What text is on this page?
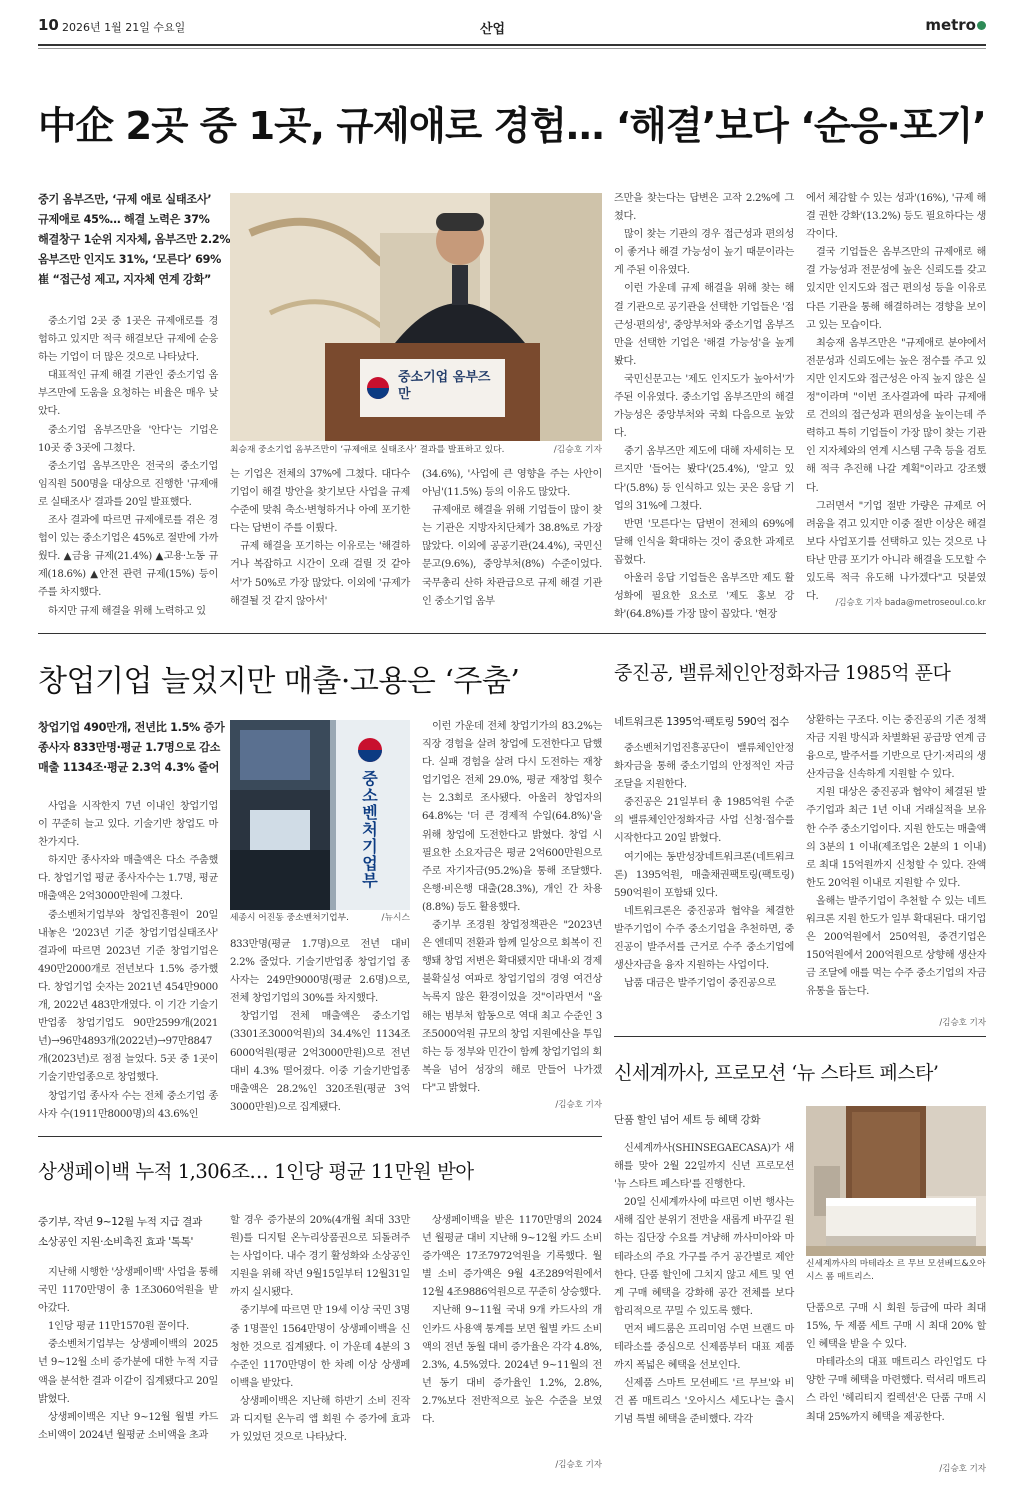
10 2026년 1월 21일 수요일	산업	metro
中企 2곳 중 1곳, 규제애로 경험… ‘해결’보다 ‘순응·포기’
중기 옴부즈만, ‘규제 애로 실태조사’
규제애로 45%… 해결 노력은 37%
해결창구 1순위 지자체, 옴부즈만 2.2%
옴부즈만 인지도 31%, ‘모른다’ 69%
崔 “접근성 제고, 지자체 연계 강화”

중소기업 2곳 중 1곳은 규제애로를 경험하고 있지만 적극 해결보단 규제에 순응하는 기업이 더 많은 것으로 나타났다.

대표적인 규제 해결 기관인 중소기업 옴부즈만에 도움을 요청하는 비율은 매우 낮았다.

중소기업 옴부즈만을 '안다'는 기업은 10곳 중 3곳에 그쳤다.

중소기업 옴부즈만은 전국의 중소기업 임직원 500명을 대상으로 진행한 '규제애로 실태조사' 결과를 20일 발표했다.

조사 결과에 따르면 규제애로를 겪은 경험이 있는 중소기업은 45%로 절반에 가까웠다. ▲금융 규제(21.4%) ▲고용·노동 규제(18.6%) ▲안전 관련 규제(15%) 등이 주를 차지했다.

하지만 규제 해결을 위해 노력하고 있

중소기업 옴부즈만
최승재 중소기업 옴부즈만이 ‘규제애로 실태조사’ 결과를 발표하고 있다.	/김승호 기자

는 기업은 전체의 37%에 그쳤다. 대다수 기업이 해결 방안을 찾기보단 사업을 규제수준에 맞춰 축소·변형하거나 아예 포기한다는 답변이 주를 이뤘다.

규제 해결을 포기하는 이유로는 '해결하거나 복잡하고 시간이 오래 걸릴 것 같아서'가 50%로 가장 많았다. 이외에 '규제가 해결될 것 같지 않아서'

(34.6%), '사업에 큰 영향을 주는 사안이 아님'(11.5%) 등의 이유도 많았다.

규제애로 해결을 위해 기업들이 많이 찾는 기관은 지방자치단체가 38.8%로 가장 많았다. 이외에 공공기관(24.4%), 국민신문고(9.6%), 중앙부처(8%) 수준이었다. 국무총리 산하 차관급으로 규제 해결 기관인 중소기업 옴부

즈만을 찾는다는 답변은 고작 2.2%에 그쳤다.

많이 찾는 기관의 경우 접근성과 편의성이 좋거나 해결 가능성이 높기 때문이라는게 주된 이유였다.

이런 가운데 규제 해결을 위해 찾는 해결 기관으로 공기관을 선택한 기업들은 '접근성·편의성', 중앙부처와 중소기업 옴부즈만을 선택한 기업은 '해결 가능성'을 높게 봤다.

국민신문고는 '제도 인지도가 높아서'가 주된 이유였다. 중소기업 옴부즈만의 해결 가능성은 중앙부처와 국회 다음으로 높았다.

중기 옴부즈만 제도에 대해 자세히는 모르지만 '들어는 봤다'(25.4%), '알고 있다'(5.8%) 등 인식하고 있는 곳은 응답 기업의 31%에 그쳤다.

반면 '모른다'는 답변이 전체의 69%에 달해 인식을 확대하는 것이 중요한 과제로 꼽혔다.

아울러 응답 기업들은 옴부즈만 제도 활성화에 필요한 요소로 '제도 홍보 강화'(64.8%)를 가장 많이 꼽았다. '현장

에서 체감할 수 있는 성과'(16%), '규제 해결 권한 강화'(13.2%) 등도 필요하다는 생각이다.

결국 기업들은 옴부즈만의 규제애로 해결 가능성과 전문성에 높은 신뢰도를 갖고 있지만 인지도와 접근 편의성 등을 이유로 다른 기관을 통해 해결하려는 경향을 보이고 있는 모습이다.

최승재 옴부즈만은 "규제애로 분야에서 전문성과 신뢰도에는 높은 점수를 주고 있지만 인지도와 접근성은 아직 높지 않은 실정"이라며 "이번 조사결과에 따라 규제애로 건의의 접근성과 편의성을 높이는데 주력하고 특히 기업들이 가장 많이 찾는 기관인 지자체와의 연계 시스템 구축 등을 검토해 적극 추진해 나갈 계획"이라고 강조했다.

그러면서 "기업 절반 가량은 규제로 어려움을 겪고 있지만 이중 절반 이상은 해결보다 사업포기를 선택하고 있는 것으로 나타난 만큼 포기가 아니라 해결을 도모할 수 있도록 적극 유도해 나가겠다"고 덧붙였다.

/김승호 기자 bada@metroseoul.co.kr
창업기업 늘었지만 매출·고용은 ‘주춤’
창업기업 490만개, 전년比 1.5% 증가
종사자 833만명·평균 1.7명으로 감소
매출 1134조·평균 2.3억 4.3% 줄어

사업을 시작한지 7년 이내인 창업기업이 꾸준히 늘고 있다. 기술기반 창업도 마찬가지다.

하지만 종사자와 매출액은 다소 주춤했다. 창업기업 평균 종사자수는 1.7명, 평균 매출액은 2억3000만원에 그쳤다.

중소벤처기업부와 창업진흥원이 20일 내놓은 '2023년 기준 창업기업실태조사' 결과에 따르면 2023년 기준 창업기업은 490만2000개로 전년보다 1.5% 증가했다. 창업기업 숫자는 2021년 454만9000개, 2022년 483만개였다. 이 기간 기술기반업종 창업기업도 90만2599개(2021년)→96만4893개(2022년)→97만8847개(2023년)로 점점 늘었다. 5곳 중 1곳이 기술기반업종으로 창업했다.

창업기업 종사자 수는 전체 중소기업 종사자 수(1911만8000명)의 43.6%인

중소벤처기업부
세종시 어진동 중소벤처기업부.	/뉴시스

833만명(평균 1.7명)으로 전년 대비 2.2% 줄었다. 기술기반업종 창업기업 종사자는 249만9000명(평균 2.6명)으로, 전체 창업기업의 30%를 차지했다.

창업기업 전체 매출액은 중소기업(3301조3000억원)의 34.4%인 1134조6000억원(평균 2억3000만원)으로 전년 대비 4.3% 떨어졌다. 이중 기술기반업종 매출액은 28.2%인 320조원(평균 3억3000만원)으로 집계됐다.

이런 가운데 전체 창업기가의 83.2%는 직장 경험을 살려 창업에 도전한다고 답했다. 실패 경험을 살려 다시 도전하는 재창업기업은 전체 29.0%, 평균 재창업 횟수는 2.3회로 조사됐다. 아울러 창업자의 64.8%는 '더 큰 경제적 수입(64.8%)'을 위해 창업에 도전한다고 밝혔다. 창업 시 필요한 소요자금은 평균 2억600만원으로 주로 자기자금(95.2%)을 통해 조달했다. 은행·비은행 대출(28.3%), 개인 간 차용(8.8%) 등도 활용했다.

중기부 조경원 창업정책관은 "2023년은 엔데믹 전환과 함께 일상으로 회복이 진행돼 창업 저변은 확대됐지만 대내·외 경제 불확실성 여파로 창업기업의 경영 여건상 녹록지 않은 환경이었을 것"이라면서 "올해는 범부처 합동으로 역대 최고 수준인 3조5000억원 규모의 창업 지원예산을 투입하는 등 정부와 민간이 함께 창업기업의 회복을 넘어 성장의 해로 만들어 나가겠다"고 밝혔다.

/김승호 기자
중진공, 밸류체인안정화자금 1985억 푼다
네트워크론 1395억·팩토링 590억 접수

중소벤처기업진흥공단이 밸류체인안정화자금을 통해 중소기업의 안정적인 자금조달을 지원한다.

중진공은 21일부터 총 1985억원 수준의 밸류체인안정화자금 사업 신청·접수를 시작한다고 20일 밝혔다.

여기에는 동반성장네트워크론(네트워크론) 1395억원, 매출채권팩토링(팩토링) 590억원이 포함돼 있다.

네트워크론은 중진공과 협약을 체결한 발주기업이 수주 중소기업을 추천하면, 중진공이 발주서를 근거로 수주 중소기업에 생산자금을 융자 지원하는 사업이다.

납품 대금은 발주기업이 중진공으로

상환하는 구조다. 이는 중진공의 기존 정책자금 지원 방식과 차별화된 공급망 연계 금융으로, 발주서를 기반으로 단기·저리의 생산자금을 신속하게 지원할 수 있다.

지원 대상은 중진공과 협약이 체결된 발주기업과 최근 1년 이내 거래실적을 보유한 수주 중소기업이다. 지원 한도는 매출액의 3분의 1 이내(제조업은 2분의 1 이내)로 최대 15억원까지 신청할 수 있다. 잔액 한도 20억원 이내로 지원할 수 있다.

올해는 발주기업이 추천할 수 있는 네트워크론 지원 한도가 일부 확대된다. 대기업은 200억원에서 250억원, 중견기업은 150억원에서 200억원으로 상향해 생산자금 조달에 애를 먹는 수주 중소기업의 자금 유통을 돕는다.

/김승호 기자
상생페이백 누적 1,306조… 1인당 평균 11만원 받아
중기부, 작년 9~12월 누적 지급 결과
소상공인 지원·소비촉진 효과 '톡톡'

지난해 시행한 '상생페이백' 사업을 통해 국민 1170만명이 총 1조3060억원을 받아갔다.

1인당 평균 11만1570원 꼴이다.

중소벤처기업부는 상생페이백의 2025년 9~12월 소비 증가분에 대한 누적 지급액을 분석한 결과 이같이 집계됐다고 20일 밝혔다.

상생페이백은 지난 9~12월 월별 카드 소비액이 2024년 월평균 소비액을 초과

할 경우 증가분의 20%(4개월 최대 33만원)를 디지털 온누리상품권으로 되돌려주는 사업이다. 내수 경기 활성화와 소상공인 지원을 위해 작년 9월15일부터 12월31일까지 실시됐다.

중기부에 따르면 만 19세 이상 국민 3명 중 1명꼴인 1564만명이 상생페이백을 신청한 것으로 집계됐다. 이 가운데 4분의 3 수준인 1170만명이 한 차례 이상 상생페이백을 받았다.

상생페이백은 지난해 하반기 소비 진작과 디지털 온누리 앱 회원 수 증가에 효과가 있었던 것으로 나타났다.

상생페이백을 받은 1170만명의 2024년 월평균 대비 지난해 9~12월 카드 소비 증가액은 17조7972억원을 기록했다. 월별 소비 증가액은 9월 4조289억원에서 12월 4조9886억원으로 꾸준히 상승했다.

지난해 9~11월 국내 9개 카드사의 개인카드 사용액 통계를 보면 월별 카드 소비액의 전년 동월 대비 증가율은 각각 4.8%, 2.3%, 4.5%였다. 2024년 9~11월의 전년 동기 대비 증가율인 1.2%, 2.8%, 2.7%보다 전반적으로 높은 수준을 보였다.

/김승호 기자
신세계까사, 프로모션 ‘뉴 스타트 페스타’
단품 할인 넘어 세트 등 혜택 강화

신세계까사(SHINSEGAECASA)가 새해를 맞아 2월 22일까지 신년 프로모션 '뉴 스타트 페스타'를 진행한다.

20일 신세계까사에 따르면 이번 행사는 새해 집안 분위기 전반을 새롭게 바꾸길 원하는 집단장 수요를 겨냥해 까사미아와 마테라소의 주요 가구를 주거 공간별로 제안한다. 단품 할인에 그치지 않고 세트 및 연계 구매 혜택을 강화해 공간 전체를 보다 합리적으로 꾸밀 수 있도록 했다.

먼저 베드룸은 프리미엄 수면 브랜드 마테라소를 중심으로 신제품부터 대표 제품까지 폭넓은 혜택을 선보인다.

신제품 스마트 모션베드 '르 무브'와 비건 폼 매트리스 '오아시스 세도나'는 출시 기념 특별 혜택을 준비했다. 각각

신세계까사의 마테라소 르 무브 모션베드&오아시스 폼 매트리스.

단품으로 구매 시 회원 등급에 따라 최대 15%, 두 제품 세트 구매 시 최대 20% 할인 혜택을 받을 수 있다.

마테라소의 대표 매트리스 라인업도 다양한 구매 혜택을 마련했다. 럭셔리 매트리스 라인 '헤리티지 컬렉션'은 단품 구매 시 최대 25%까지 혜택을 제공한다.

/김승호 기자
